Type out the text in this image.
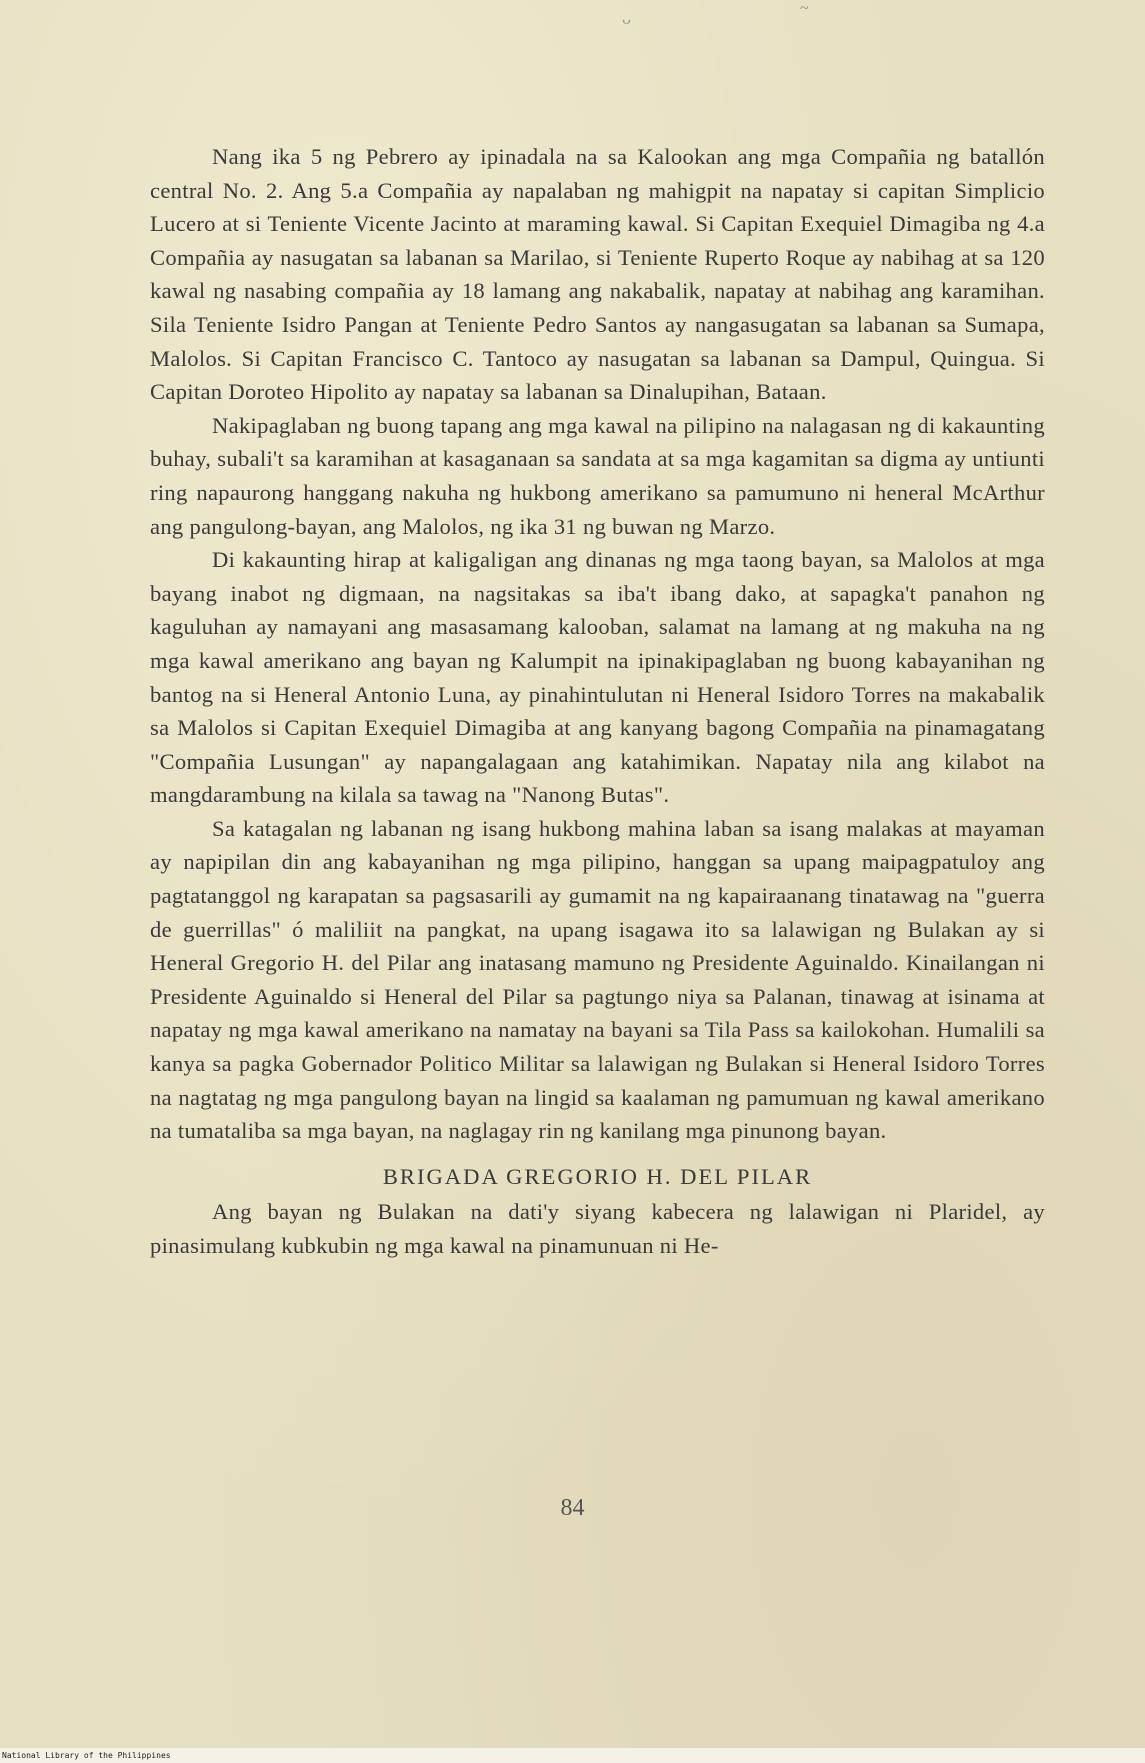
ᴗ	~

Nang ika 5 ng Pebrero ay ipinadala na sa Kalookan ang mga Compañia ng batallón central No. 2. Ang 5.a Compañia ay napalaban ng mahigpit na napatay si capitan Simplicio Lucero at si Teniente Vicente Jacinto at maraming kawal. Si Capitan Exequiel Dimagiba ng 4.a Compañia ay nasugatan sa labanan sa Marilao, si Teniente Ruperto Roque ay nabihag at sa 120 kawal ng nasabing compañia ay 18 lamang ang nakabalik, napatay at nabihag ang karamihan. Sila Teniente Isidro Pangan at Teniente Pedro Santos ay nangasugatan sa labanan sa Sumapa, Malolos. Si Capitan Francisco C. Tantoco ay nasugatan sa labanan sa Dampul, Quingua. Si Capitan Doroteo Hipolito ay napatay sa labanan sa Dinalupihan, Bataan.

Nakipaglaban ng buong tapang ang mga kawal na pilipino na nalagasan ng di kakaunting buhay, subali't sa karamihan at kasaganaan sa sandata at sa mga kagamitan sa digma ay untiunti ring napaurong hanggang nakuha ng hukbong amerikano sa pamumuno ni heneral McArthur ang pangulong-bayan, ang Malolos, ng ika 31 ng buwan ng Marzo.

Di kakaunting hirap at kaligaligan ang dinanas ng mga taong bayan, sa Malolos at mga bayang inabot ng digmaan, na nagsitakas sa iba't ibang dako, at sapagka't panahon ng kaguluhan ay namayani ang masasamang kalooban, salamat na lamang at ng makuha na ng mga kawal amerikano ang bayan ng Kalumpit na ipinakipaglaban ng buong kabayanihan ng bantog na si Heneral Antonio Luna, ay pinahintulutan ni Heneral Isidoro Torres na makabalik sa Malolos si Capitan Exequiel Dimagiba at ang kanyang bagong Compañia na pinamagatang "Compañia Lusungan" ay napangalagaan ang katahimikan. Napatay nila ang kilabot na mangdarambung na kilala sa tawag na "Nanong Butas".

Sa katagalan ng labanan ng isang hukbong mahina laban sa isang malakas at mayaman ay napipilan din ang kabayanihan ng mga pilipino, hanggan sa upang maipagpatuloy ang pagtatanggol ng karapatan sa pagsasarili ay gumamit na ng kapairaanang tinatawag na "guerra de guerrillas" ó maliliit na pangkat, na upang isagawa ito sa lalawigan ng Bulakan ay si Heneral Gregorio H. del Pilar ang inatasang mamuno ng Presidente Aguinaldo. Kinailangan ni Presidente Aguinaldo si Heneral del Pilar sa pagtungo niya sa Palanan, tinawag at isinama at napatay ng mga kawal amerikano na namatay na bayani sa Tila Pass sa kailokohan. Humalili sa kanya sa pagka Gobernador Politico Militar sa lalawigan ng Bulakan si Heneral Isidoro Torres na nagtatag ng mga pangulong bayan na lingid sa kaalaman ng pamumuan ng kawal amerikano na tumataliba sa mga bayan, na naglagay rin ng kanilang mga pinunong bayan.

BRIGADA GREGORIO H. DEL PILAR

Ang bayan ng Bulakan na dati'y siyang kabecera ng lalawigan ni Plaridel, ay pinasimulang kubkubin ng mga kawal na pinamunuan ni He-

84
National Library of the Philippines
